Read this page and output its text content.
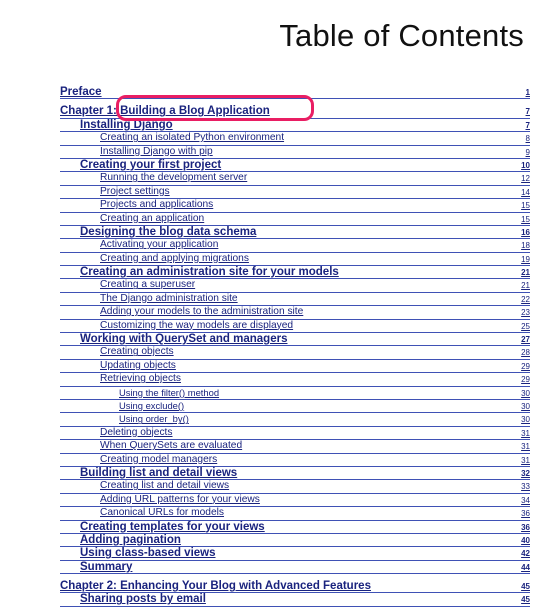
Table of Contents
Preface	1
Chapter 1: Building a Blog Application	7
Installing Django	7
Creating an isolated Python environment	8
Installing Django with pip	9
Creating your first project	10
Running the development server	12
Project settings	14
Projects and applications	15
Creating an application	15
Designing the blog data schema	16
Activating your application	18
Creating and applying migrations	19
Creating an administration site for your models	21
Creating a superuser	21
The Django administration site	22
Adding your models to the administration site	23
Customizing the way models are displayed	25
Working with QuerySet and managers	27
Creating objects	28
Updating objects	29
Retrieving objects	29
Using the filter() method	30
Using exclude()	30
Using order_by()	30
Deleting objects	31
When QuerySets are evaluated	31
Creating model managers	31
Building list and detail views	32
Creating list and detail views	33
Adding URL patterns for your views	34
Canonical URLs for models	36
Creating templates for your views	36
Adding pagination	40
Using class-based views	42
Summary	44
Chapter 2: Enhancing Your Blog with Advanced Features	45
Sharing posts by email	45
